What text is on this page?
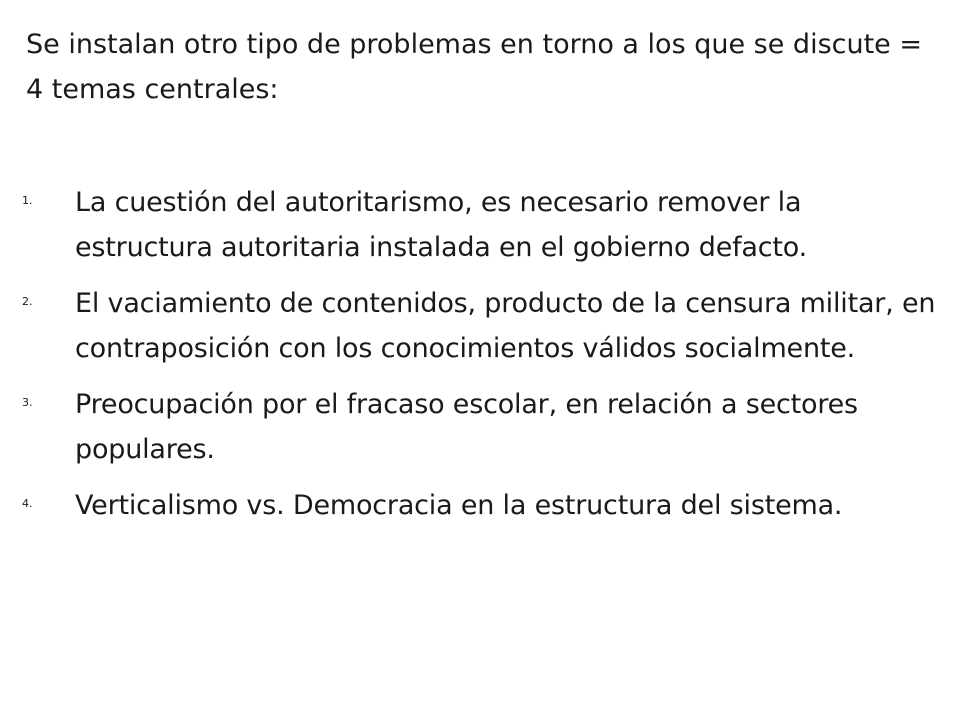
Se instalan otro tipo de problemas en torno a los que se discute = 4 temas centrales:

1. La cuestión del autoritarismo, es necesario remover la estructura autoritaria instalada en el gobierno defacto.
2. El vaciamiento de contenidos, producto de la censura militar, en contraposición con los conocimientos válidos socialmente.
3. Preocupación por el fracaso escolar, en relación a sectores populares.
4. Verticalismo vs. Democracia en la estructura del sistema.
